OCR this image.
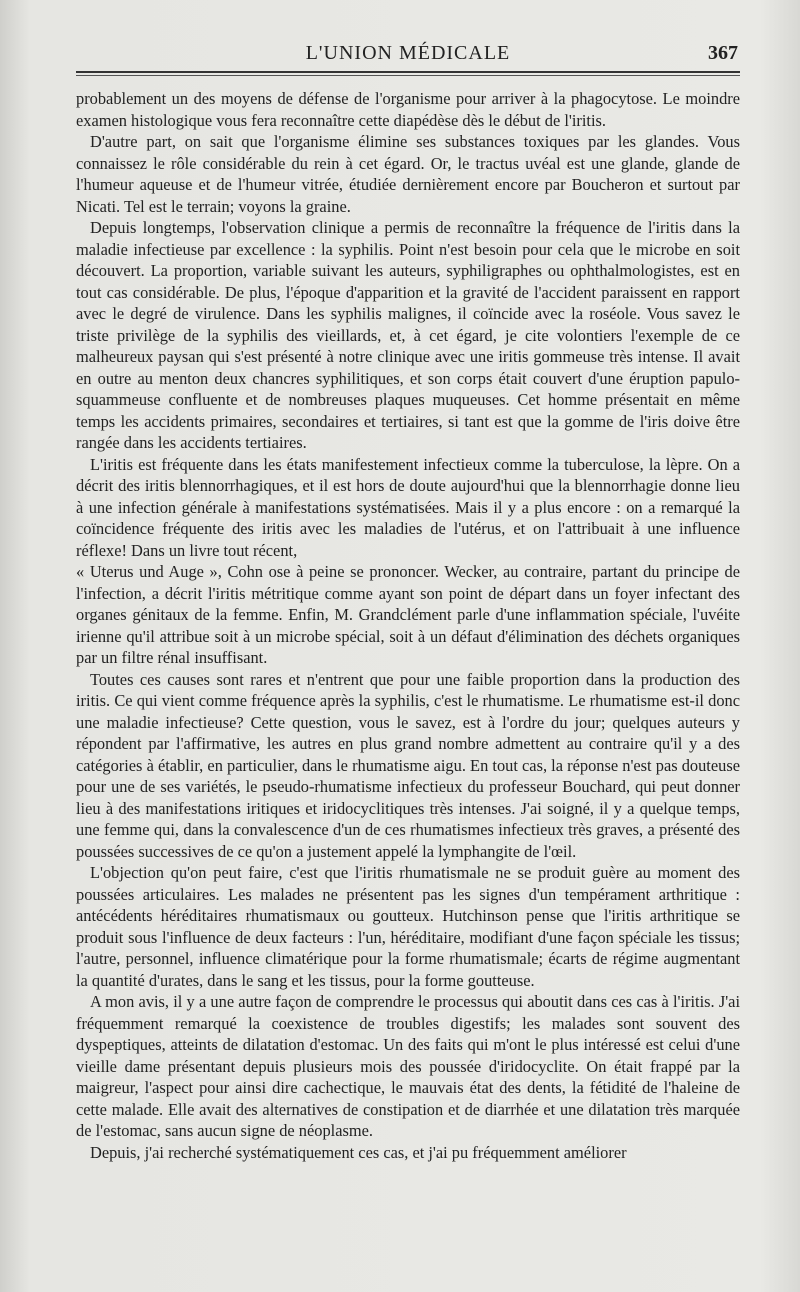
L'UNION MÉDICALE	367

probablement un des moyens de défense de l'organisme pour arriver à la phagocytose. Le moindre examen histologique vous fera reconnaître cette diapédèse dès le début de l'iritis.

D'autre part, on sait que l'organisme élimine ses substances toxiques par les glandes. Vous connaissez le rôle considérable du rein à cet égard. Or, le tractus uvéal est une glande, glande de l'humeur aqueuse et de l'humeur vitrée, étudiée dernièrement encore par Boucheron et surtout par Nicati. Tel est le terrain; voyons la graine.

Depuis longtemps, l'observation clinique a permis de reconnaître la fréquence de l'iritis dans la maladie infectieuse par excellence : la syphilis. Point n'est besoin pour cela que le microbe en soit découvert. La proportion, variable suivant les auteurs, syphiligraphes ou ophthalmologistes, est en tout cas considérable. De plus, l'époque d'apparition et la gravité de l'accident paraissent en rapport avec le degré de virulence. Dans les syphilis malignes, il coïncide avec la roséole. Vous savez le triste privilège de la syphilis des vieillards, et, à cet égard, je cite volontiers l'exemple de ce malheureux paysan qui s'est présenté à notre clinique avec une iritis gommeuse très intense. Il avait en outre au menton deux chancres syphilitiques, et son corps était couvert d'une éruption papulo-squammeuse confluente et de nombreuses plaques muqueuses. Cet homme présentait en même temps les accidents primaires, secondaires et tertiaires, si tant est que la gomme de l'iris doive être rangée dans les accidents tertiaires.

L'iritis est fréquente dans les états manifestement infectieux comme la tuberculose, la lèpre. On a décrit des iritis blennorrhagiques, et il est hors de doute aujourd'hui que la blennorrhagie donne lieu à une infection générale à manifestations systématisées. Mais il y a plus encore : on a remarqué la coïncidence fréquente des iritis avec les maladies de l'utérus, et on l'attribuait à une influence réflexe! Dans un livre tout récent,

« Uterus und Auge », Cohn ose à peine se prononcer. Wecker, au contraire, partant du principe de l'infection, a décrit l'iritis métritique comme ayant son point de départ dans un foyer infectant des organes génitaux de la femme. Enfin, M. Grandclément parle d'une inflammation spéciale, l'uvéite irienne qu'il attribue soit à un microbe spécial, soit à un défaut d'élimination des déchets organiques par un filtre rénal insuffisant.

Toutes ces causes sont rares et n'entrent que pour une faible proportion dans la production des iritis. Ce qui vient comme fréquence après la syphilis, c'est le rhumatisme. Le rhumatisme est-il donc une maladie infectieuse? Cette question, vous le savez, est à l'ordre du jour; quelques auteurs y répondent par l'affirmative, les autres en plus grand nombre admettent au contraire qu'il y a des catégories à établir, en particulier, dans le rhumatisme aigu. En tout cas, la réponse n'est pas douteuse pour une de ses variétés, le pseudo-rhumatisme infectieux du professeur Bouchard, qui peut donner lieu à des manifestations iritiques et iridocyclitiques très intenses. J'ai soigné, il y a quelque temps, une femme qui, dans la convalescence d'un de ces rhumatismes infectieux très graves, a présenté des poussées successives de ce qu'on a justement appelé la lymphangite de l'œil.

L'objection qu'on peut faire, c'est que l'iritis rhumatismale ne se produit guère au moment des poussées articulaires. Les malades ne présentent pas les signes d'un tempérament arthritique : antécédents héréditaires rhumatismaux ou goutteux. Hutchinson pense que l'iritis arthritique se produit sous l'influence de deux facteurs : l'un, héréditaire, modifiant d'une façon spéciale les tissus; l'autre, personnel, influence climatérique pour la forme rhumatismale; écarts de régime augmentant la quantité d'urates, dans le sang et les tissus, pour la forme goutteuse.

A mon avis, il y a une autre façon de comprendre le processus qui aboutit dans ces cas à l'iritis. J'ai fréquemment remarqué la coexistence de troubles digestifs; les malades sont souvent des dyspeptiques, atteints de dilatation d'estomac. Un des faits qui m'ont le plus intéressé est celui d'une vieille dame présentant depuis plusieurs mois des poussée d'iridocyclite. On était frappé par la maigreur, l'aspect pour ainsi dire cachectique, le mauvais état des dents, la fétidité de l'haleine de cette malade. Elle avait des alternatives de constipation et de diarrhée et une dilatation très marquée de l'estomac, sans aucun signe de néoplasme.

Depuis, j'ai recherché systématiquement ces cas, et j'ai pu fréquemment améliorer
